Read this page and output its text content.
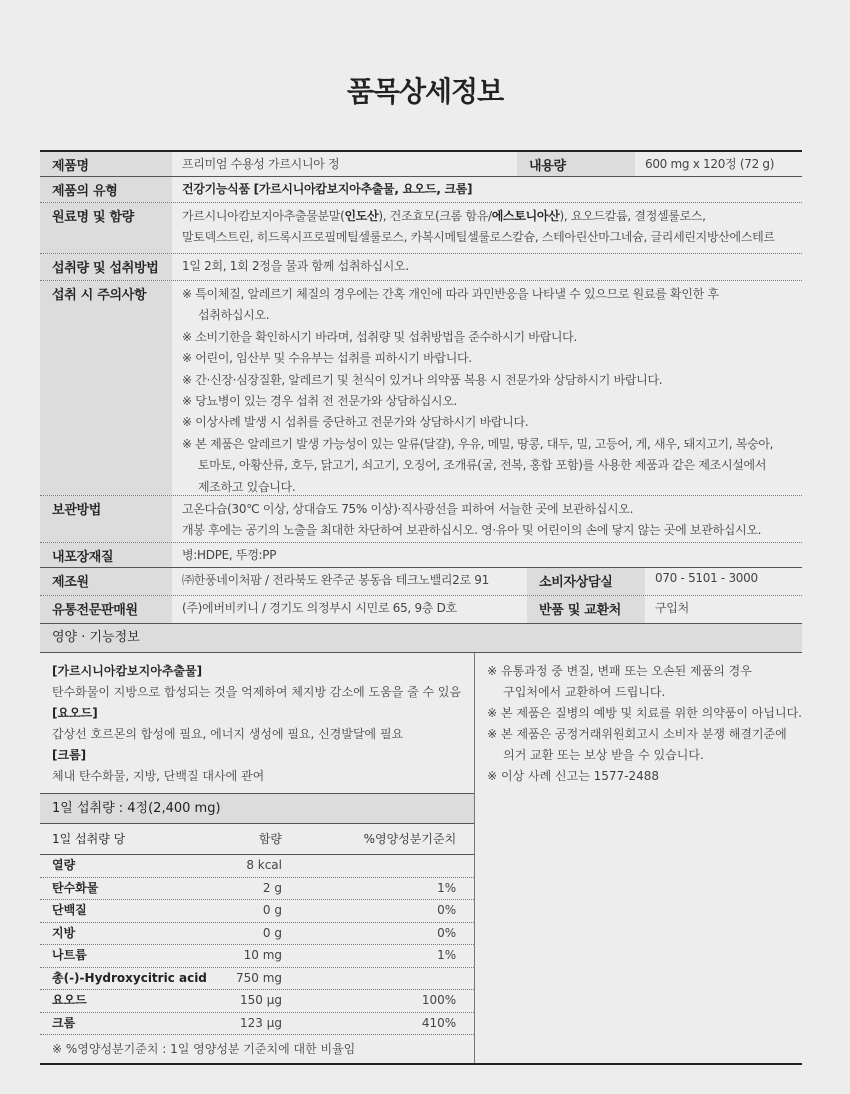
품목상세정보
제품명	프리미엄 수용성 가르시니아 정	내용량	600 mg x 120정 (72 g)
제품의 유형	건강기능식품 [가르시니아캄보지아추출물, 요오드, 크롬]
원료명 및 함량	가르시니아캄보지아추출물분말(인도산), 건조효모(크롬 함유/에스토니아산), 요오드칼륨, 결정셀룰로스,
말토덱스트린, 히드록시프로필메틸셀룰로스, 카복시메틸셀룰로스칼슘, 스테아린산마그네슘, 글리세린지방산에스테르
섭취량 및 섭취방법	1일 2회, 1회 2정을 물과 함께 섭취하십시오.
섭취 시 주의사항	※ 특이체질, 알레르기 체질의 경우에는 간혹 개인에 따라 과민반응을 나타낼 수 있으므로 원료를 확인한 후
섭취하십시오.
※ 소비기한을 확인하시기 바라며, 섭취량 및 섭취방법을 준수하시기 바랍니다.
※ 어린이, 임산부 및 수유부는 섭취를 피하시기 바랍니다.
※ 간·신장·심장질환, 알레르기 및 천식이 있거나 의약품 복용 시 전문가와 상담하시기 바랍니다.
※ 당뇨병이 있는 경우 섭취 전 전문가와 상담하십시오.
※ 이상사례 발생 시 섭취를 중단하고 전문가와 상담하시기 바랍니다.
※ 본 제품은 알레르기 발생 가능성이 있는 알류(달걀), 우유, 메밀, 땅콩, 대두, 밀, 고등어, 게, 새우, 돼지고기, 복숭아,
토마토, 아황산류, 호두, 닭고기, 쇠고기, 오징어, 조개류(굴, 전복, 홍합 포함)를 사용한 제품과 같은 제조시설에서
제조하고 있습니다.
보관방법	고온다습(30℃ 이상, 상대습도 75% 이상)·직사광선을 피하여 서늘한 곳에 보관하십시오.
개봉 후에는 공기의 노출을 최대한 차단하여 보관하십시오. 영·유아 및 어린이의 손에 닿지 않는 곳에 보관하십시오.
내포장재질	병:HDPE, 뚜껑:PP
제조원	㈜한풍네이처팜 / 전라북도 완주군 봉동읍 테크노밸리2로 91	소비자상담실	070 - 5101 - 3000
유통전문판매원	(주)에버비키니 / 경기도 의정부시 시민로 65, 9층 D호	반품 및 교환처	구입처
영양 · 기능정보
[가르시니아캄보지아추출물]
탄수화물이 지방으로 합성되는 것을 억제하여 체지방 감소에 도움을 줄 수 있음
[요오드]
갑상선 호르몬의 합성에 필요, 에너지 생성에 필요, 신경발달에 필요
[크롬]
체내 탄수화물, 지방, 단백질 대사에 관여
1일 섭취량 : 4정(2,400 mg)
1일 섭취량 당	함량	%영양성분기준치
열량	8 kcal
탄수화물	2 g	1%
단백질	0 g	0%
지방	0 g	0%
나트륨	10 mg	1%
총(-)-Hydroxycitric acid	750 mg
요오드	150 μg	100%
크롬	123 μg	410%
※ %영양성분기준치 : 1일 영양성분 기준치에 대한 비율임
※ 유통과정 중 변질, 변패 또는 오손된 제품의 경우
구입처에서 교환하여 드립니다.
※ 본 제품은 질병의 예방 및 치료를 위한 의약품이 아닙니다.
※ 본 제품은 공정거래위원회고시 소비자 분쟁 해결기준에
의거 교환 또는 보상 받을 수 있습니다.
※ 이상 사례 신고는 1577-2488
